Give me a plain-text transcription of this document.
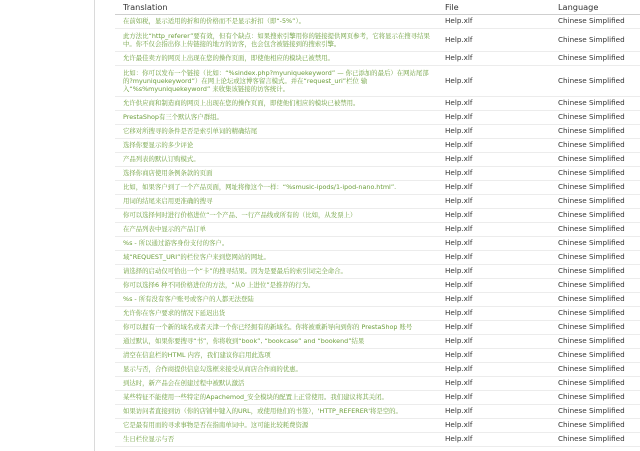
Translation	File	Language
在前如税，显示适用的折和的价格而不是显示折扣（即“-5%”）。	Help.xlf	Chinese Simplified
此方法比“http_referer”要有效，但有个缺点：如果搜索引擎用你的链接提供网页参考，它将显示在搜寻结果中。你不仅会指出你上传链接的地方的访客，也会包含被链接到的搜索引擎。	Help.xlf	Chinese Simplified
允许最佳卖方的网页上出现在您的操作页面，即使他相应的模块已被禁用。	Help.xlf	Chinese Simplified
比如：你可以发布一个链接（比如：“%sindex.php?myuniquekeyword” — 你已添加的最后）在网站尾部的?myuniquekeyword”）在网上论坛或这博客留言模式。并在“request_uri”栏位 输入“%s%myuniquekeyword” 来收集该链接的访客统计。	Help.xlf	Chinese Simplified
允许供应商和制造商的网页上出现在您的操作页面，即使他们相应的模块已被禁用。	Help.xlf	Chinese Simplified
PrestaShop有三个默认客户群组。	Help.xlf	Chinese Simplified
它移对所搜寻的条件是否是索引单词的精确结尾	Help.xlf	Chinese Simplified
选择你要显示的多少评论	Help.xlf	Chinese Simplified
产品列表的默认订购模式。	Help.xlf	Chinese Simplified
选择你商店使用条例条款的页面	Help.xlf	Chinese Simplified
比如，如果客户到了一个产品页面，网址将像这个一样：“%smusic-ipods/1-ipod-nano.html”.	Help.xlf	Chinese Simplified
用词的结尾来启用更准确的搜寻	Help.xlf	Chinese Simplified
你可以选择何时进行价格进位“一个产品、一行产品线或所有的（比如，从发票上）	Help.xlf	Chinese Simplified
在产品列表中显示的产品订单	Help.xlf	Chinese Simplified
%s - 所以通过游客身份支付的客户。	Help.xlf	Chinese Simplified
域“REQUEST_URI”的栏位客户来到您网站的网址。	Help.xlf	Chinese Simplified
请选择的启动仅可恰出一个“卡”的搜寻结果。因为是要最后的索引词完全命合。	Help.xlf	Chinese Simplified
你可以选择6 种不同价格进位的方法，“从0 上进位”是推荐的行为。	Help.xlf	Chinese Simplified
%s - 所有没有客户账号或客户的人都无法登陆	Help.xlf	Chinese Simplified
允许你在客户要求的情况下延迟出货	Help.xlf	Chinese Simplified
你可以握有一个新的域名或者天津一个你已经拥有的新域名。你将被重新导向到你的 PrestaShop 账号	Help.xlf	Chinese Simplified
通过默认，如果你要搜寻“书”，你将收到“book”, “bookcase” and “bookend”结果	Help.xlf	Chinese Simplified
清空在信息栏的HTML 内容，我们建议你启用此选项	Help.xlf	Chinese Simplified
显示与否，合作商提供信息勾选框来接受从商店合作商的优惠。	Help.xlf	Chinese Simplified
到达时，新产品会在创建过程中被默认激活	Help.xlf	Chinese Simplified
某些特征不能使用一些特定的Apachemod_安全模块的配置上正常使用。我们建议将其关闭。	Help.xlf	Chinese Simplified
如果访问者直接到访（你的店铺中键入的URL，或使用他们的书签），'HTTP_REFERER'将是空的。	Help.xlf	Chinese Simplified
它是最有用而的寻求事物是否在指南单词中。这可能比较耗费资源	Help.xlf	Chinese Simplified
生日栏位显示与否	Help.xlf	Chinese Simplified
